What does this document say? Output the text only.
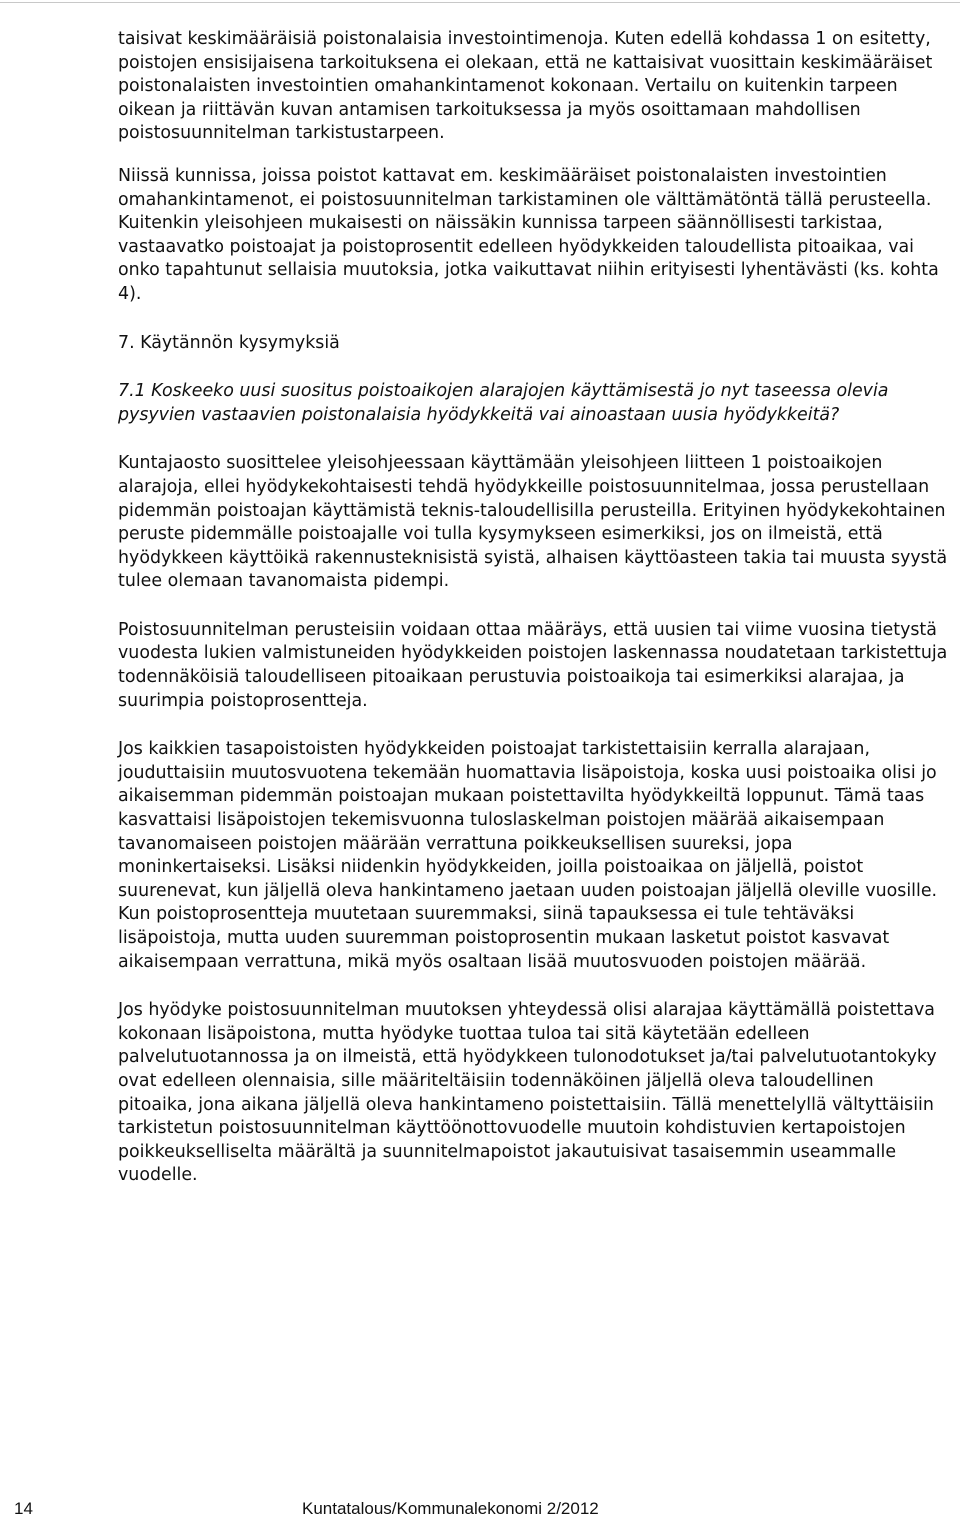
taisivat keskimääräisiä poistonalaisia investointimenoja. Kuten edellä kohdassa 1 on esitetty, poistojen ensisijaisena tarkoituksena ei olekaan, että ne kattaisivat vuosittain keskimääräiset poistonalaisten investointien omahankintamenot kokonaan. Vertailu on kuitenkin tarpeen oikean ja riittävän kuvan antamisen tarkoituksessa ja myös osoittamaan mahdollisen poistosuunnitelman tarkistustarpeen.

Niissä kunnissa, joissa poistot kattavat em. keskimääräiset poistonalaisten investointien omahankintamenot, ei poistosuunnitelman tarkistaminen ole välttämätöntä tällä perusteella. Kuitenkin yleisohjeen mukaisesti on näissäkin kunnissa tarpeen säännöllisesti tarkistaa, vastaavatko poistoajat ja poistoprosentit edelleen hyödykkeiden taloudellista pitoaikaa, vai onko tapahtunut sellaisia muutoksia, jotka vaikuttavat niihin erityisesti lyhentävästi (ks. kohta 4).

7. Käytännön kysymyksiä

7.1 Koskeeko uusi suositus poistoaikojen alarajojen käyttämisestä jo nyt taseessa olevia pysyvien vastaavien poistonalaisia hyödykkeitä vai ainoastaan uusia hyödykkeitä?

Kuntajaosto suosittelee yleisohjeessaan käyttämään yleisohjeen liitteen 1 poistoaikojen alarajoja, ellei hyödykekohtaisesti tehdä hyödykkeille poistosuunnitelmaa, jossa perustellaan pidemmän poistoajan käyttämistä teknis-taloudellisilla perusteilla. Erityinen hyödykekohtainen peruste pidemmälle poistoajalle voi tulla kysymykseen esimerkiksi, jos on ilmeistä, että hyödykkeen käyttöikä rakennusteknisistä syistä, alhaisen käyttöasteen takia tai muusta syystä tulee olemaan tavanomaista pidempi.

Poistosuunnitelman perusteisiin voidaan ottaa määräys, että uusien tai viime vuosina tietystä vuodesta lukien valmistuneiden hyödykkeiden poistojen laskennassa noudatetaan tarkistettuja todennäköisiä taloudelliseen pitoaikaan perustuvia poistoaikoja tai esimerkiksi alarajaa, ja suurimpia poistoprosentteja.

Jos kaikkien tasapoistoisten hyödykkeiden poistoajat tarkistettaisiin kerralla alarajaan, jouduttaisiin muutosvuotena tekemään huomattavia lisäpoistoja, koska uusi poistoaika olisi jo aikaisemman pidemmän poistoajan mukaan poistettavilta hyödykkeiltä loppunut. Tämä taas kasvattaisi lisäpoistojen tekemisvuonna tuloslaskelman poistojen määrää aikaisempaan tavanomaiseen poistojen määrään verrattuna poikkeuksellisen suureksi, jopa moninkertaiseksi. Lisäksi niidenkin hyödykkeiden, joilla poistoaikaa on jäljellä, poistot suurenevat, kun jäljellä oleva hankintameno jaetaan uuden poistoajan jäljellä oleville vuosille. Kun poistoprosentteja muutetaan suuremmaksi, siinä tapauksessa ei tule tehtäväksi lisäpoistoja, mutta uuden suuremman poistoprosentin mukaan lasketut poistot kasvavat aikaisempaan verrattuna, mikä myös osaltaan lisää muutosvuoden poistojen määrää.

Jos hyödyke poistosuunnitelman muutoksen yhteydessä olisi alarajaa käyttämällä poistettava kokonaan lisäpoistona, mutta hyödyke tuottaa tuloa tai sitä käytetään edelleen palvelutuotannossa ja on ilmeistä, että hyödykkeen tulonodotukset ja/tai palvelutuotantokyky ovat edelleen olennaisia, sille määriteltäisiin todennäköinen jäljellä oleva taloudellinen pitoaika, jona aikana jäljellä oleva hankintameno poistettaisiin. Tällä menettelyllä vältyttäisiin tarkistetun poistosuunnitelman käyttöönottovuodelle muutoin kohdistuvien kertapoistojen poikkeukselliselta määrältä ja suunnitelmapoistot jakautuisivat tasaisemmin useammalle vuodelle.

14	Kuntatalous/Kommunalekonomi 2/2012
